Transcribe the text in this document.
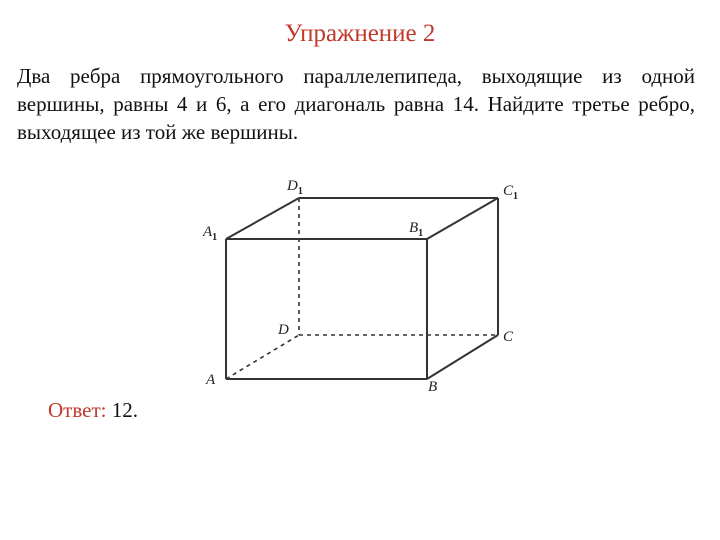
Упражнение 2
Два ребра прямоугольного параллелепипеда, выходящие из одной вершины, равны 4 и 6, а его диагональ равна 14. Найдите третье ребро, выходящее из той же вершины.
$A_1$
$D_1$	$C_1$
$B_1$
A
D	C
B
Ответ: 12.
